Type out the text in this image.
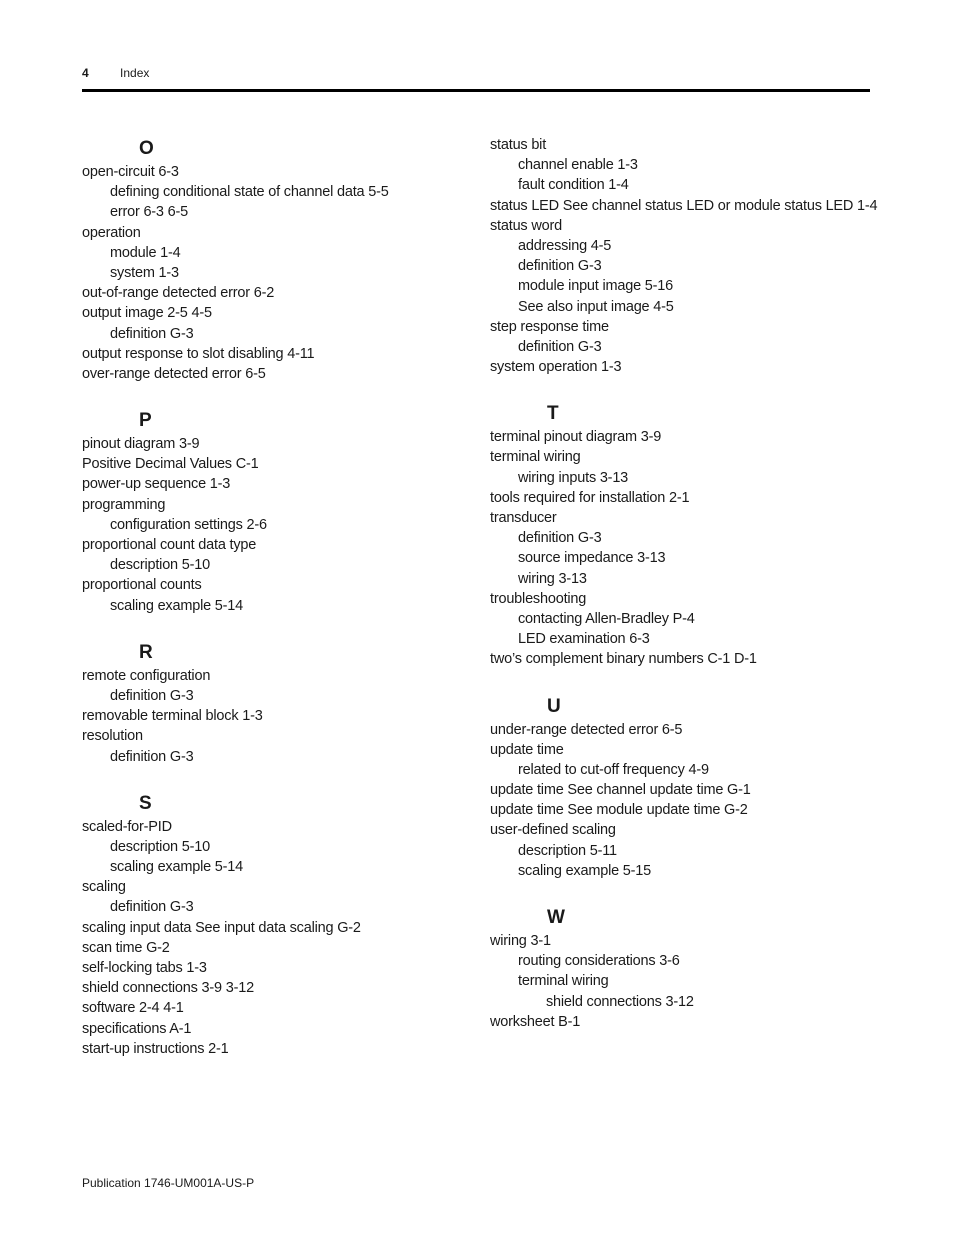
4	Index
O
open-circuit 6-3
defining conditional state of channel data 5-5
error 6-3 6-5
operation
module 1-4
system 1-3
out-of-range detected error 6-2
output image 2-5 4-5
definition G-3
output response to slot disabling 4-11
over-range detected error 6-5
P
pinout diagram 3-9
Positive Decimal Values C-1
power-up sequence 1-3
programming
configuration settings 2-6
proportional count data type
description 5-10
proportional counts
scaling example 5-14
R
remote configuration
definition G-3
removable terminal block 1-3
resolution
definition G-3
S
scaled-for-PID
description 5-10
scaling example 5-14
scaling
definition G-3
scaling input data See input data scaling G-2
scan time G-2
self-locking tabs 1-3
shield connections 3-9 3-12
software 2-4 4-1
specifications A-1
start-up instructions 2-1
status bit
channel enable 1-3
fault condition 1-4
status LED See channel status LED or module status LED 1-4
status word
addressing 4-5
definition G-3
module input image 5-16
See also input image 4-5
step response time
definition G-3
system operation 1-3
T
terminal pinout diagram 3-9
terminal wiring
wiring inputs 3-13
tools required for installation 2-1
transducer
definition G-3
source impedance 3-13
wiring 3-13
troubleshooting
contacting Allen-Bradley P-4
LED examination 6-3
two’s complement binary numbers C-1 D-1
U
under-range detected error 6-5
update time
related to cut-off frequency 4-9
update time See channel update time G-1
update time See module update time G-2
user-defined scaling
description 5-11
scaling example 5-15
W
wiring 3-1
routing considerations 3-6
terminal wiring
shield connections 3-12
worksheet B-1
Publication 1746-UM001A-US-P
